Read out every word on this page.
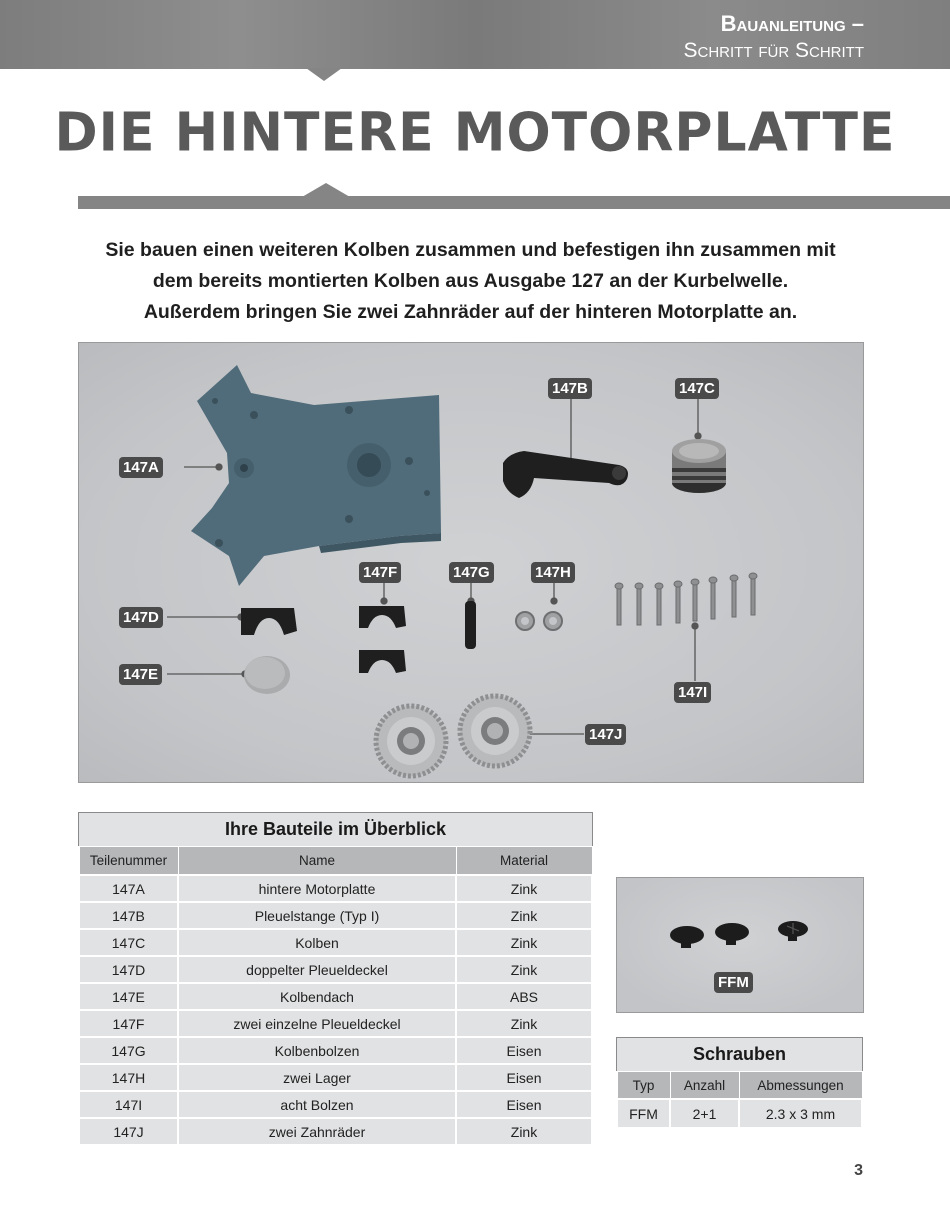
Bauanleitung –
Schritt für Schritt
DIE HINTERE MOTORPLATTE
Sie bauen einen weiteren Kolben zusammen und befestigen ihn zusammen mit
dem bereits montierten Kolben aus Ausgabe 127 an der Kurbelwelle.
Außerdem bringen Sie zwei Zahnräder auf der hinteren Motorplatte an.
147A
147B	147C
147D
147E
147F	147G	147H
147I
147J
Ihre Bauteile im Überblick
Teilenummer	Name	Material
147A	hintere Motorplatte	Zink
147B	Pleuelstange (Typ I)	Zink
147C	Kolben	Zink
147D	doppelter Pleueldeckel	Zink
147E	Kolbendach	ABS
147F	zwei einzelne Pleueldeckel	Zink
147G	Kolbenbolzen	Eisen
147H	zwei Lager	Eisen
147I	acht Bolzen	Eisen
147J	zwei Zahnräder	Zink
FFM
Schrauben
Typ	Anzahl	Abmessungen
FFM	2+1	2.3 x 3 mm
3
